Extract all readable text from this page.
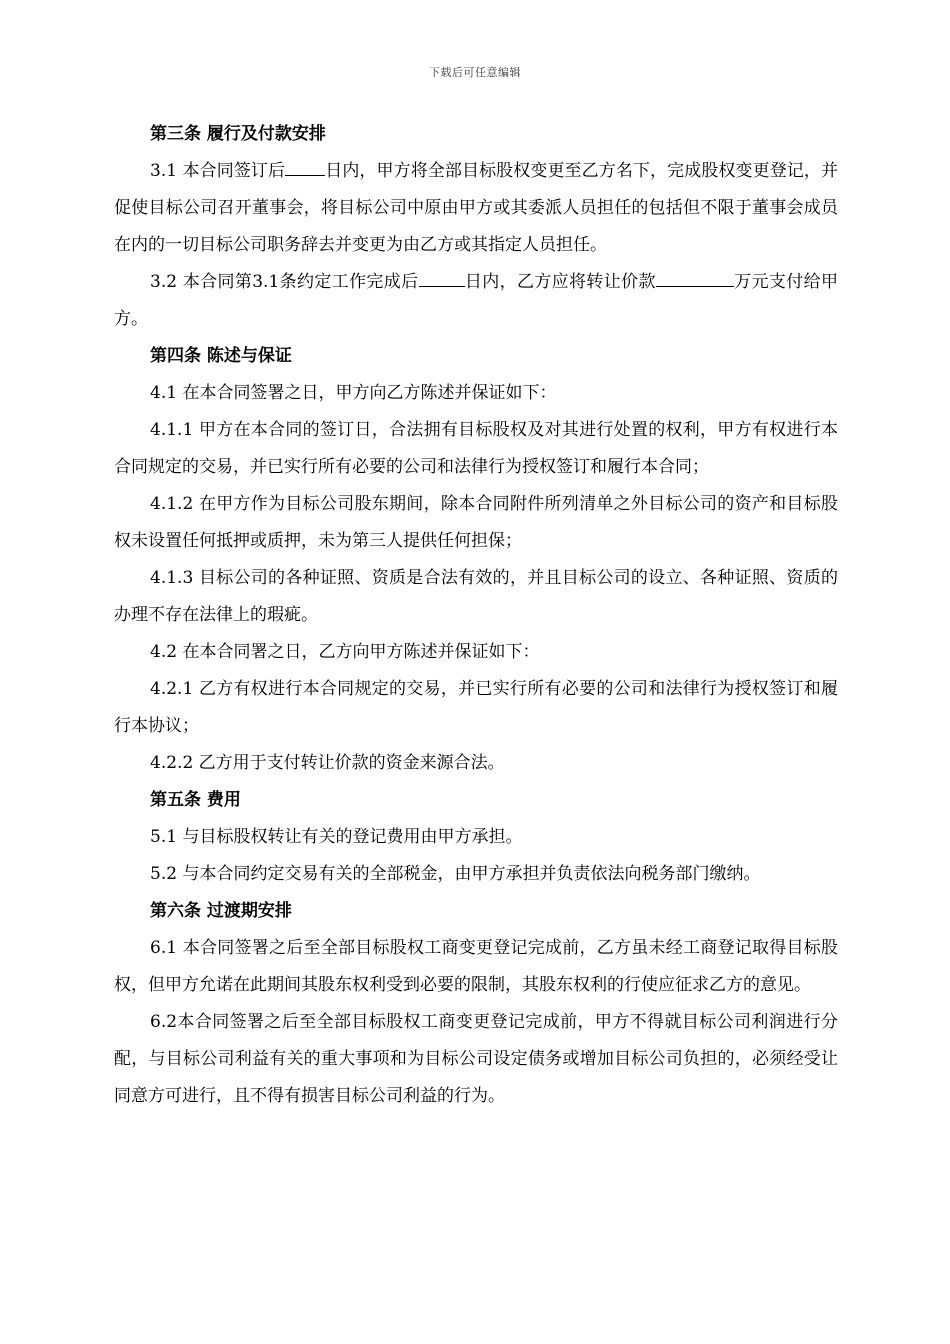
下载后可任意编辑

第三条 履行及付款安排

3.1 本合同签订后 日内，甲方将全部目标股权变更至乙方名下，完成股权变更登记，并促使目标公司召开董事会，将目标公司中原由甲方或其委派人员担任的包括但不限于董事会成员在内的一切目标公司职务辞去并变更为由乙方或其指定人员担任。

3.2 本合同第3.1条约定工作完成后	日内，乙方应将转让价款	万元支付给甲方。

第四条 陈述与保证

4.1 在本合同签署之日，甲方向乙方陈述并保证如下：

4.1.1 甲方在本合同的签订日，合法拥有目标股权及对其进行处置的权利，甲方有权进行本合同规定的交易，并已实行所有必要的公司和法律行为授权签订和履行本合同；

4.1.2 在甲方作为目标公司股东期间，除本合同附件所列清单之外目标公司的资产和目标股权未设置任何抵押或质押，未为第三人提供任何担保；

4.1.3 目标公司的各种证照、资质是合法有效的，并且目标公司的设立、各种证照、资质的办理不存在法律上的瑕疵。

4.2 在本合同署之日，乙方向甲方陈述并保证如下：

4.2.1 乙方有权进行本合同规定的交易，并已实行所有必要的公司和法律行为授权签订和履行本协议；

4.2.2 乙方用于支付转让价款的资金来源合法。

第五条 费用

5.1 与目标股权转让有关的登记费用由甲方承担。

5.2 与本合同约定交易有关的全部税金，由甲方承担并负责依法向税务部门缴纳。

第六条 过渡期安排

6.1 本合同签署之后至全部目标股权工商变更登记完成前，乙方虽未经工商登记取得目标股权，但甲方允诺在此期间其股东权利受到必要的限制，其股东权利的行使应征求乙方的意见。

6.2本合同签署之后至全部目标股权工商变更登记完成前，甲方不得就目标公司利润进行分配，与目标公司利益有关的重大事项和为目标公司设定债务或增加目标公司负担的，必须经受让同意方可进行，且不得有损害目标公司利益的行为。
